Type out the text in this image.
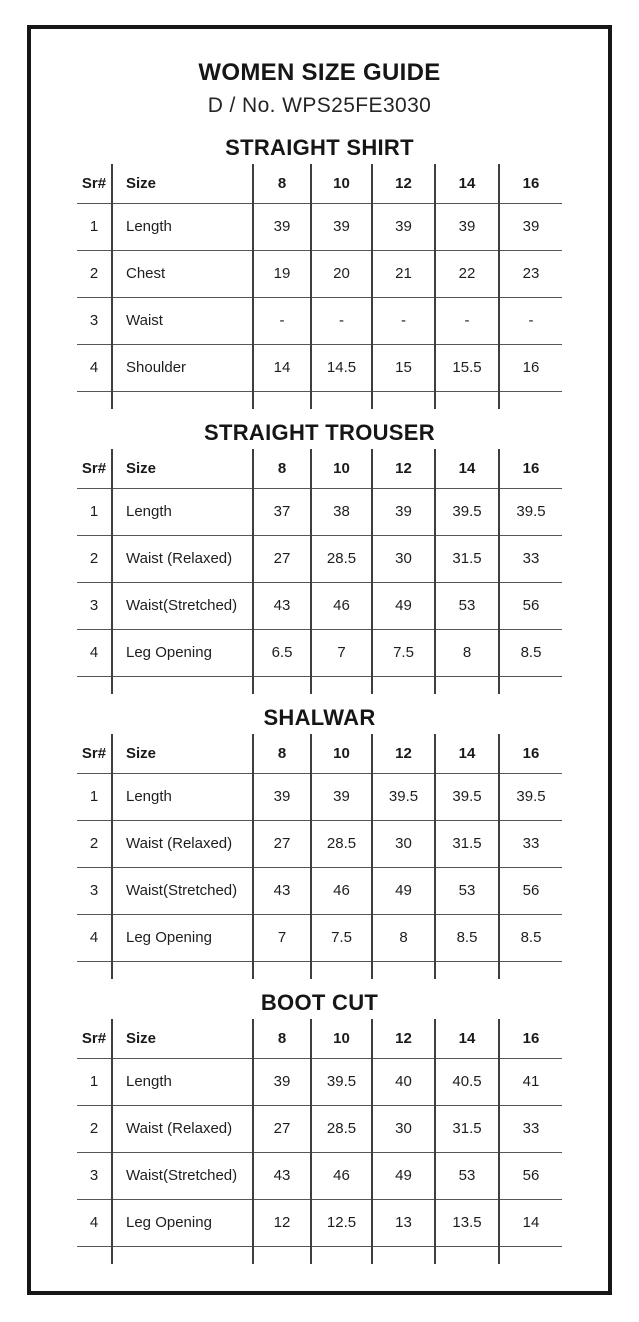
WOMEN SIZE GUIDE
D / No. WPS25FE3030
STRAIGHT SHIRT
Sr#	Size	8	10	12	14	16
1	Length	39	39	39	39	39
2	Chest	19	20	21	22	23
3	Waist	-	-	-	-	-
4	Shoulder	14	14.5	15	15.5	16

STRAIGHT TROUSER
Sr#	Size	8	10	12	14	16
1	Length	37	38	39	39.5	39.5
2	Waist (Relaxed)	27	28.5	30	31.5	33
3	Waist(Stretched)	43	46	49	53	56
4	Leg Opening	6.5	7	7.5	8	8.5

SHALWAR
Sr#	Size	8	10	12	14	16
1	Length	39	39	39.5	39.5	39.5
2	Waist (Relaxed)	27	28.5	30	31.5	33
3	Waist(Stretched)	43	46	49	53	56
4	Leg Opening	7	7.5	8	8.5	8.5

BOOT CUT
Sr#	Size	8	10	12	14	16
1	Length	39	39.5	40	40.5	41
2	Waist (Relaxed)	27	28.5	30	31.5	33
3	Waist(Stretched)	43	46	49	53	56
4	Leg Opening	12	12.5	13	13.5	14
